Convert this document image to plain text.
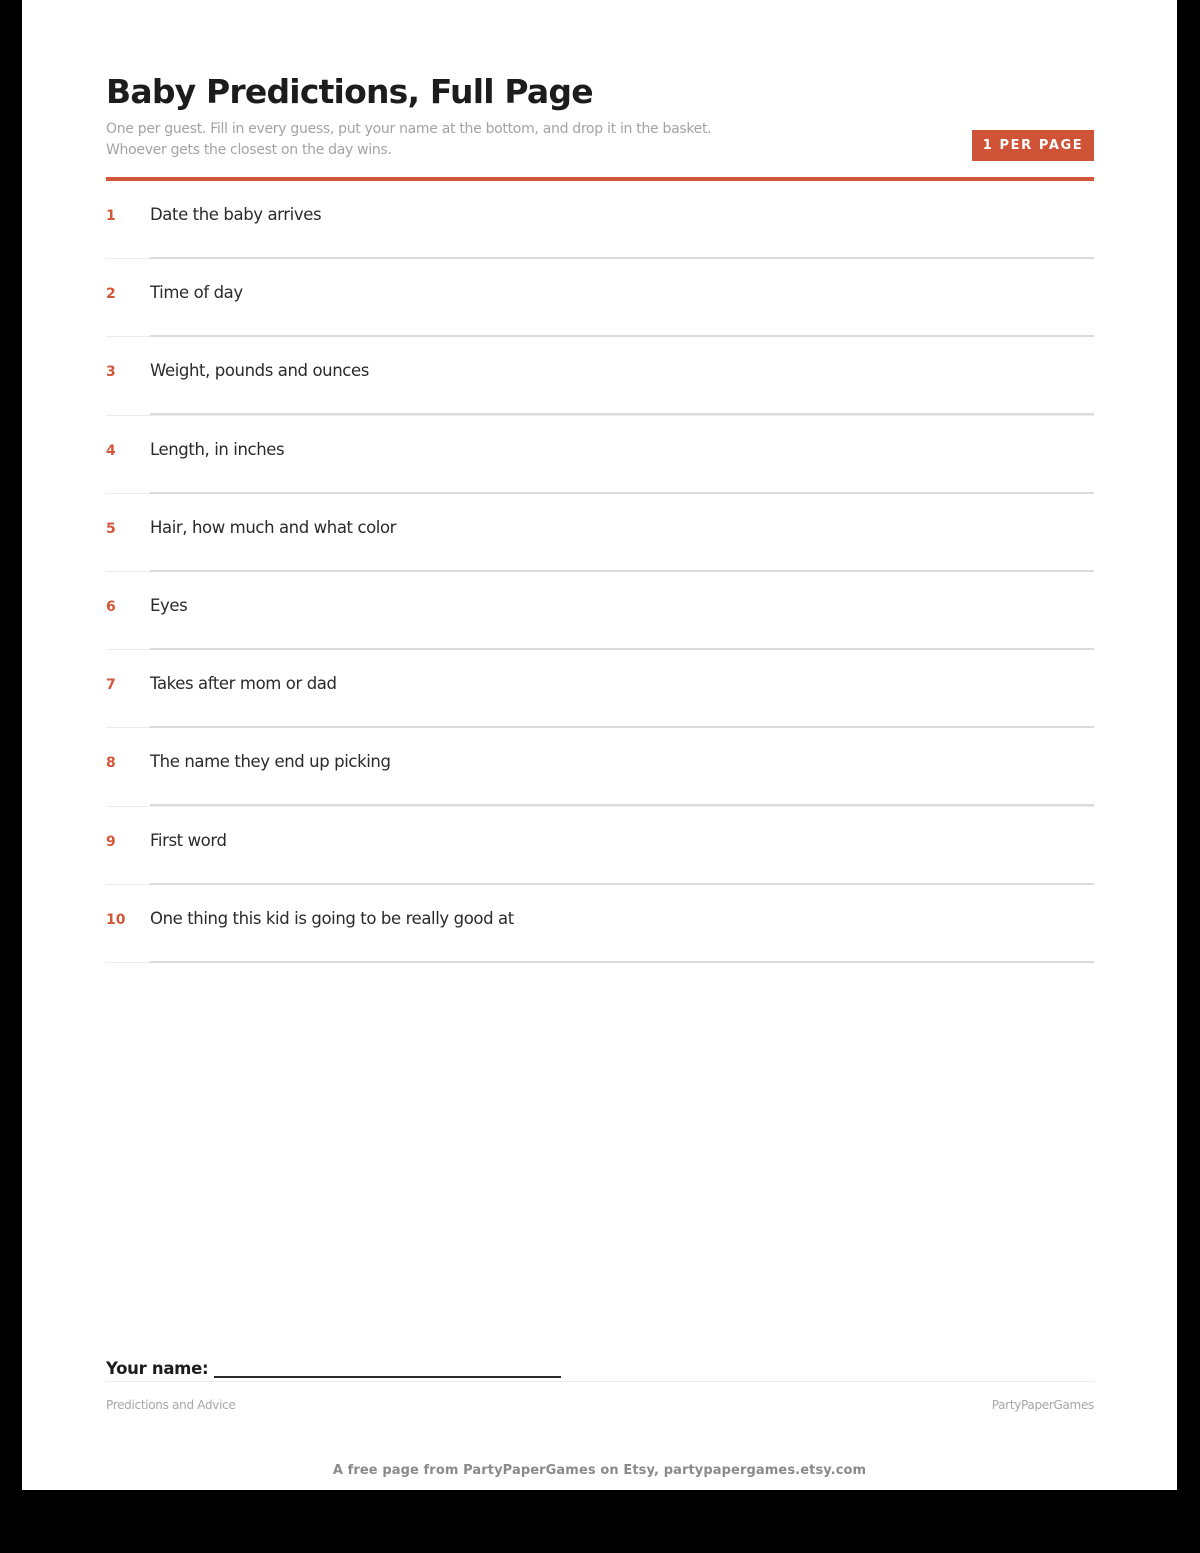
Baby Predictions, Full Page
One per guest. Fill in every guess, put your name at the bottom, and drop it in the basket.
Whoever gets the closest on the day wins.	1 PER PAGE
1 Date the baby arrives
2 Time of day
3 Weight, pounds and ounces
4 Length, in inches
5 Hair, how much and what color
6 Eyes
7 Takes after mom or dad
8 The name they end up picking
9 First word
10 One thing this kid is going to be really good at
Your name:
Predictions and Advice	PartyPaperGames
A free page from PartyPaperGames on Etsy, partypapergames.etsy.com
